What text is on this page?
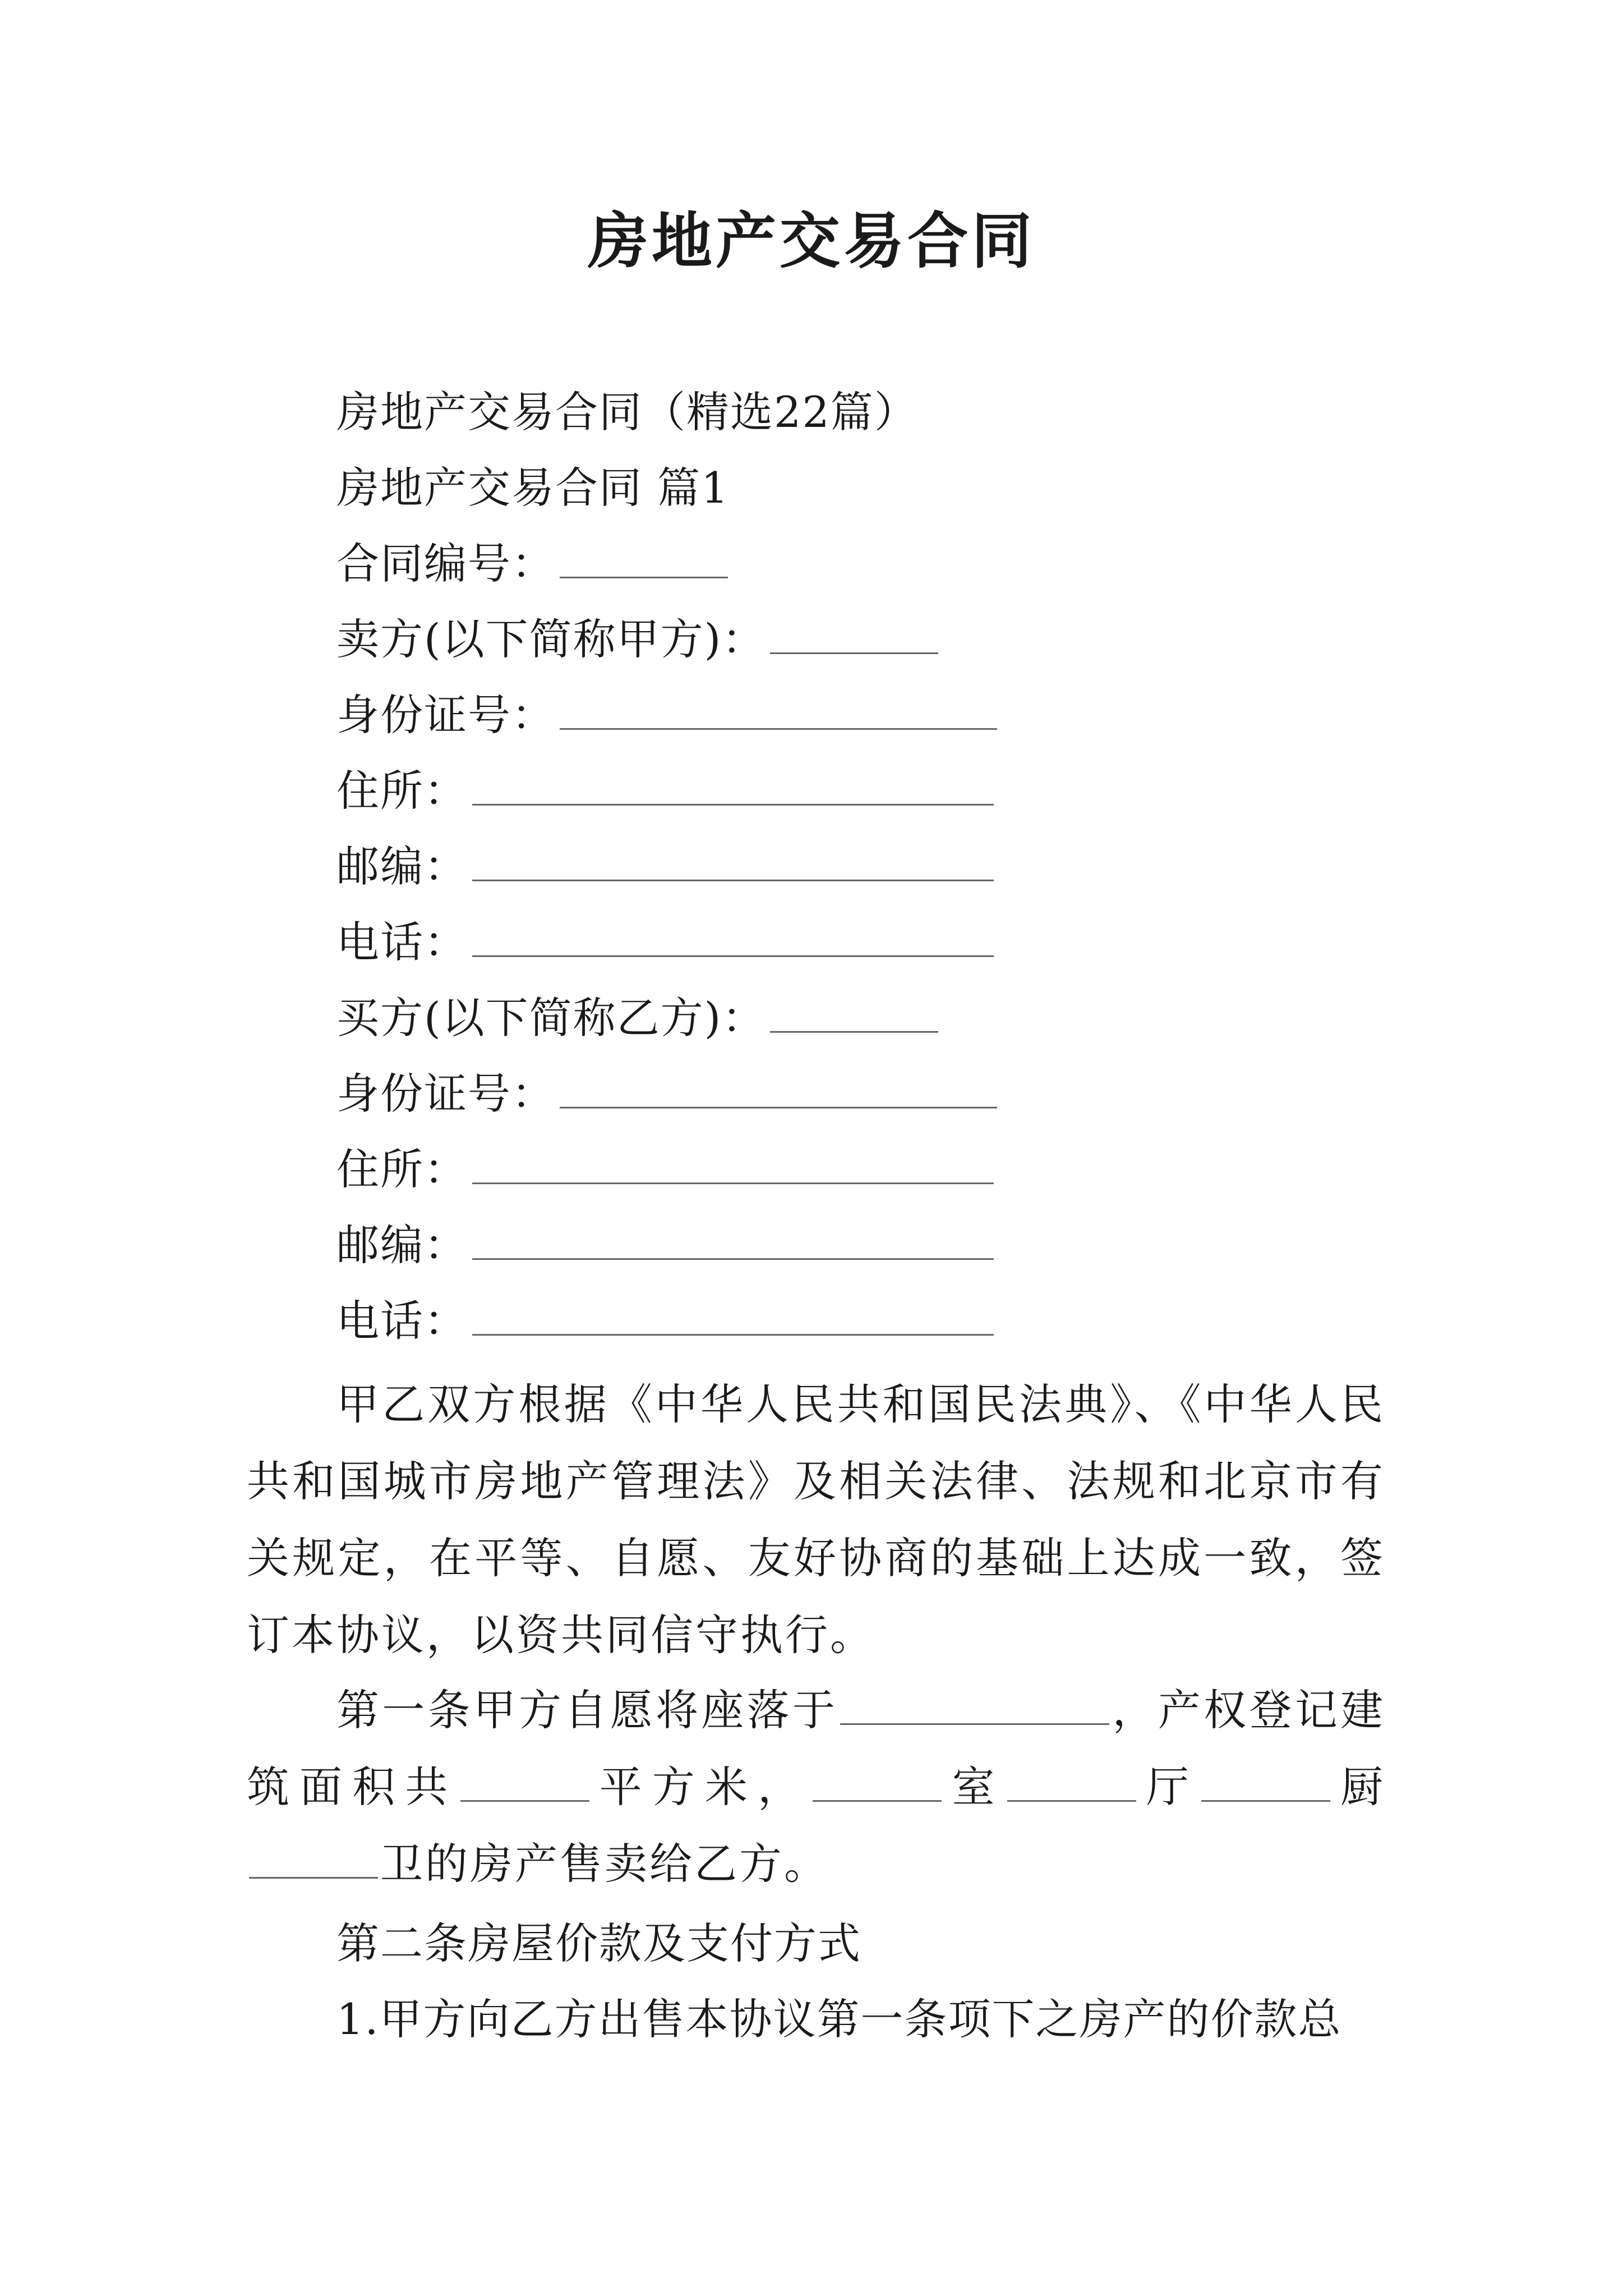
房地产交易合同
房地产交易合同（精选22篇）
房地产交易合同 篇1
合同编号：
卖方(以下简称甲方)：
身份证号：
住所：
邮编：
电话：
买方(以下简称乙方)：
身份证号：
住所：
邮编：
电话：
甲乙双方根据《中华人民共和国民法典》、《中华人民共和国城市房地产管理法》及相关法律、法规和北京市有关规定，在平等、自愿、友好协商的基础上达成一致，签订本协议，以资共同信守执行。
第一条甲方自愿将座落于	，产权登记建筑面积共	平方米，	室	厅	厨卫的房产售卖给乙方。
第二条房屋价款及支付方式
1.甲方向乙方出售本协议第一条项下之房产的价款总
